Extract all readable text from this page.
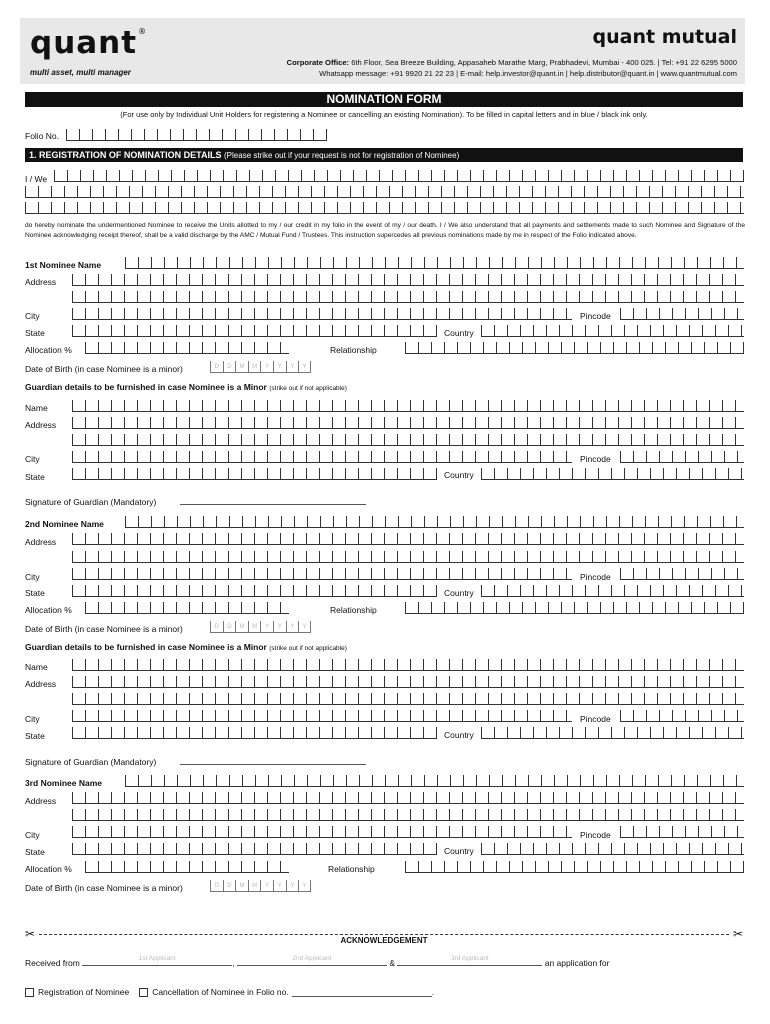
quant®
multi asset, multi manager
quant mutual
Corporate Office: 6th Floor, Sea Breeze Building, Appasaheb Marathe Marg, Prabhadevi, Mumbai - 400 025. | Tel: +91 22 6295 5000
Whatsapp message: +91 9920 21 22 23 | E-mail: help.investor@quant.in | help.distributor@quant.in | www.quantmutual.com
NOMINATION FORM
(For use only by Individual Unit Holders for registering a Nominee or cancelling an existing Nomination). To be filled in capital letters and in blue / black ink only.
Folio No.
1. REGISTRATION OF NOMINATION DETAILS (Please strike out if your request is not for registration of Nominee)
I / We
do hereby nominate the undermentioned Nominee to receive the Units allotted to my / our credit in my folio in the event of my / our death. I / We also understand that all payments and settlements made to such Nominee and Signature of the Nominee acknowledging receipt thereof, shall be a valid discharge by the AMC / Mutual Fund / Trustees. This instruction supercedes all previous nominations made by me in respect of the Folio indicated above.
1st Nominee Name
Address
City	Pincode
State	Country
Allocation %	Relationship
Date of Birth (in case Nominee is a minor)	D	D	M	M	Y	Y	Y	Y
Guardian details to be furnished in case Nominee is a Minor (strike out if not applicable)
Name
Address
City	Pincode
State	Country
Signature of Guardian (Mandatory)
2nd Nominee Name
Address
City	Pincode
State	Country
Allocation %	Relationship
Date of Birth (in case Nominee is a minor)	D	D	M	M	Y	Y	Y	Y
Guardian details to be furnished in case Nominee is a Minor (strike out if not applicable)
Name
Address
City	Pincode
State	Country
Signature of Guardian (Mandatory)
3rd Nominee Name
Address
City	Pincode
State	Country
Allocation %	Relationship
Date of Birth (in case Nominee is a minor)	D	D	M	M	Y	Y	Y	Y
✂	✂
ACKNOWLEDGEMENT
Received from	1st Applicant	,	2nd Applicant	&	3rd Applicant	an application for
Registration of Nominee	Cancellation of Nominee in Folio no.	.
